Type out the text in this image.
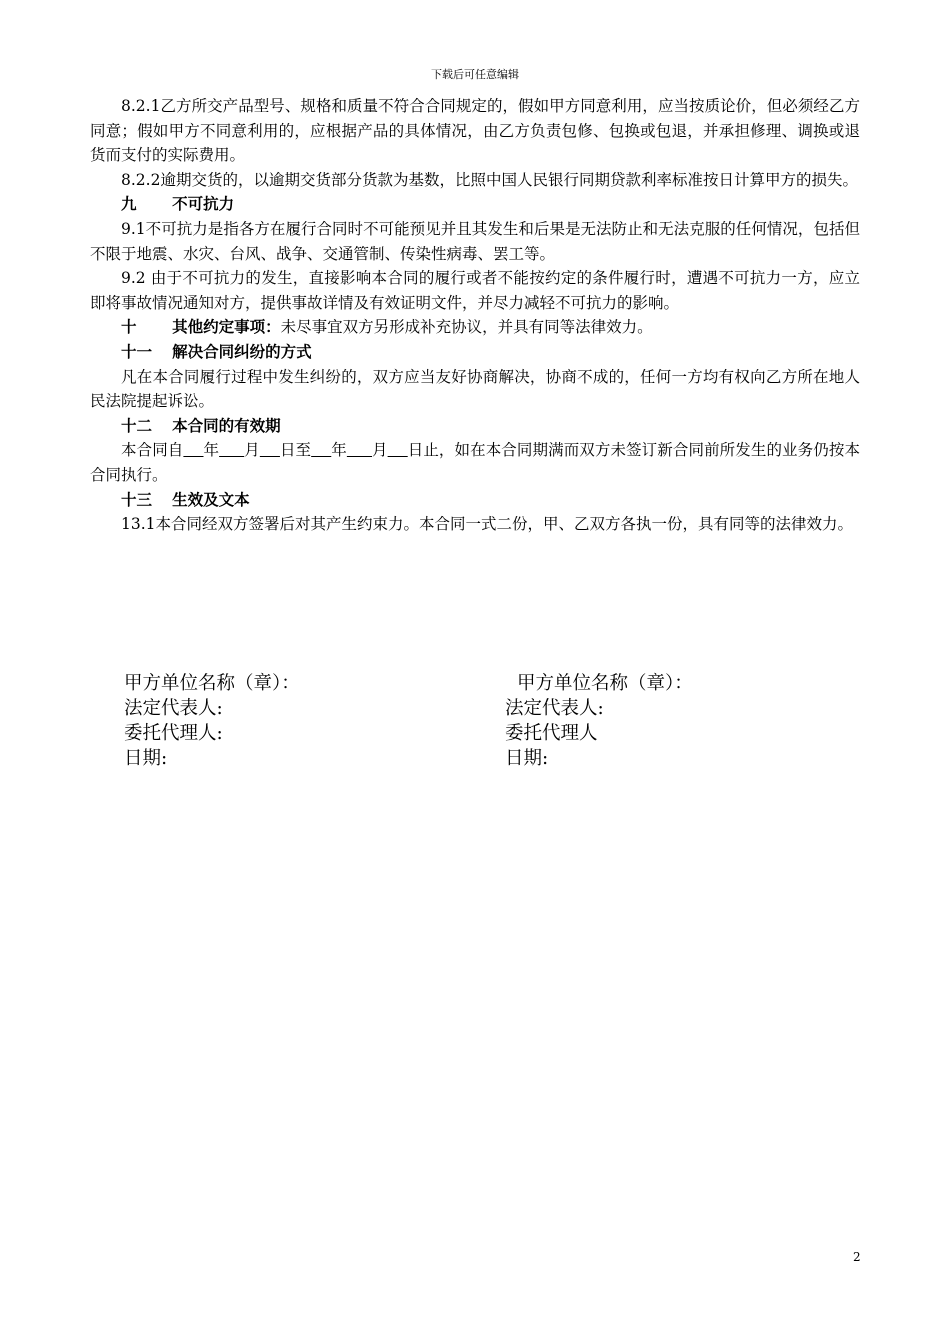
下载后可任意编辑

8.2.1乙方所交产品型号、规格和质量不符合合同规定的，假如甲方同意利用，应当按质论价，但必须经乙方同意；假如甲方不同意利用的，应根据产品的具体情况，由乙方负责包修、包换或包退，并承担修理、调换或退货而支付的实际费用。

8.2.2逾期交货的，以逾期交货部分货款为基数，比照中国人民银行同期贷款利率标准按日计算甲方的损失。

九 不可抗力

9.1不可抗力是指各方在履行合同时不可能预见并且其发生和后果是无法防止和无法克服的任何情况，包括但不限于地震、水灾、台风、战争、交通管制、传染性病毒、罢工等。

9.2 由于不可抗力的发生，直接影响本合同的履行或者不能按约定的条件履行时，遭遇不可抗力一方，应立即将事故情况通知对方，提供事故详情及有效证明文件，并尽力减轻不可抗力的影响。

十 其他约定事项：未尽事宜双方另形成补充协议，并具有同等法律效力。

十一 解决合同纠纷的方式

凡在本合同履行过程中发生纠纷的，双方应当友好协商解决，协商不成的，任何一方均有权向乙方所在地人民法院提起诉讼。

十二 本合同的有效期

本合同自 年 月 日至 年 月 日止，如在本合同期满而双方未签订新合同前所发生的业务仍按本合同执行。

十三 生效及文本

13.1本合同经双方签署后对其产生约束力。本合同一式二份，甲、乙双方各执一份，具有同等的法律效力。

甲方单位名称（章）：
法定代表人:
委托代理人:
日期:
甲方单位名称（章）：
法定代表人:
委托代理人
日期:
2
